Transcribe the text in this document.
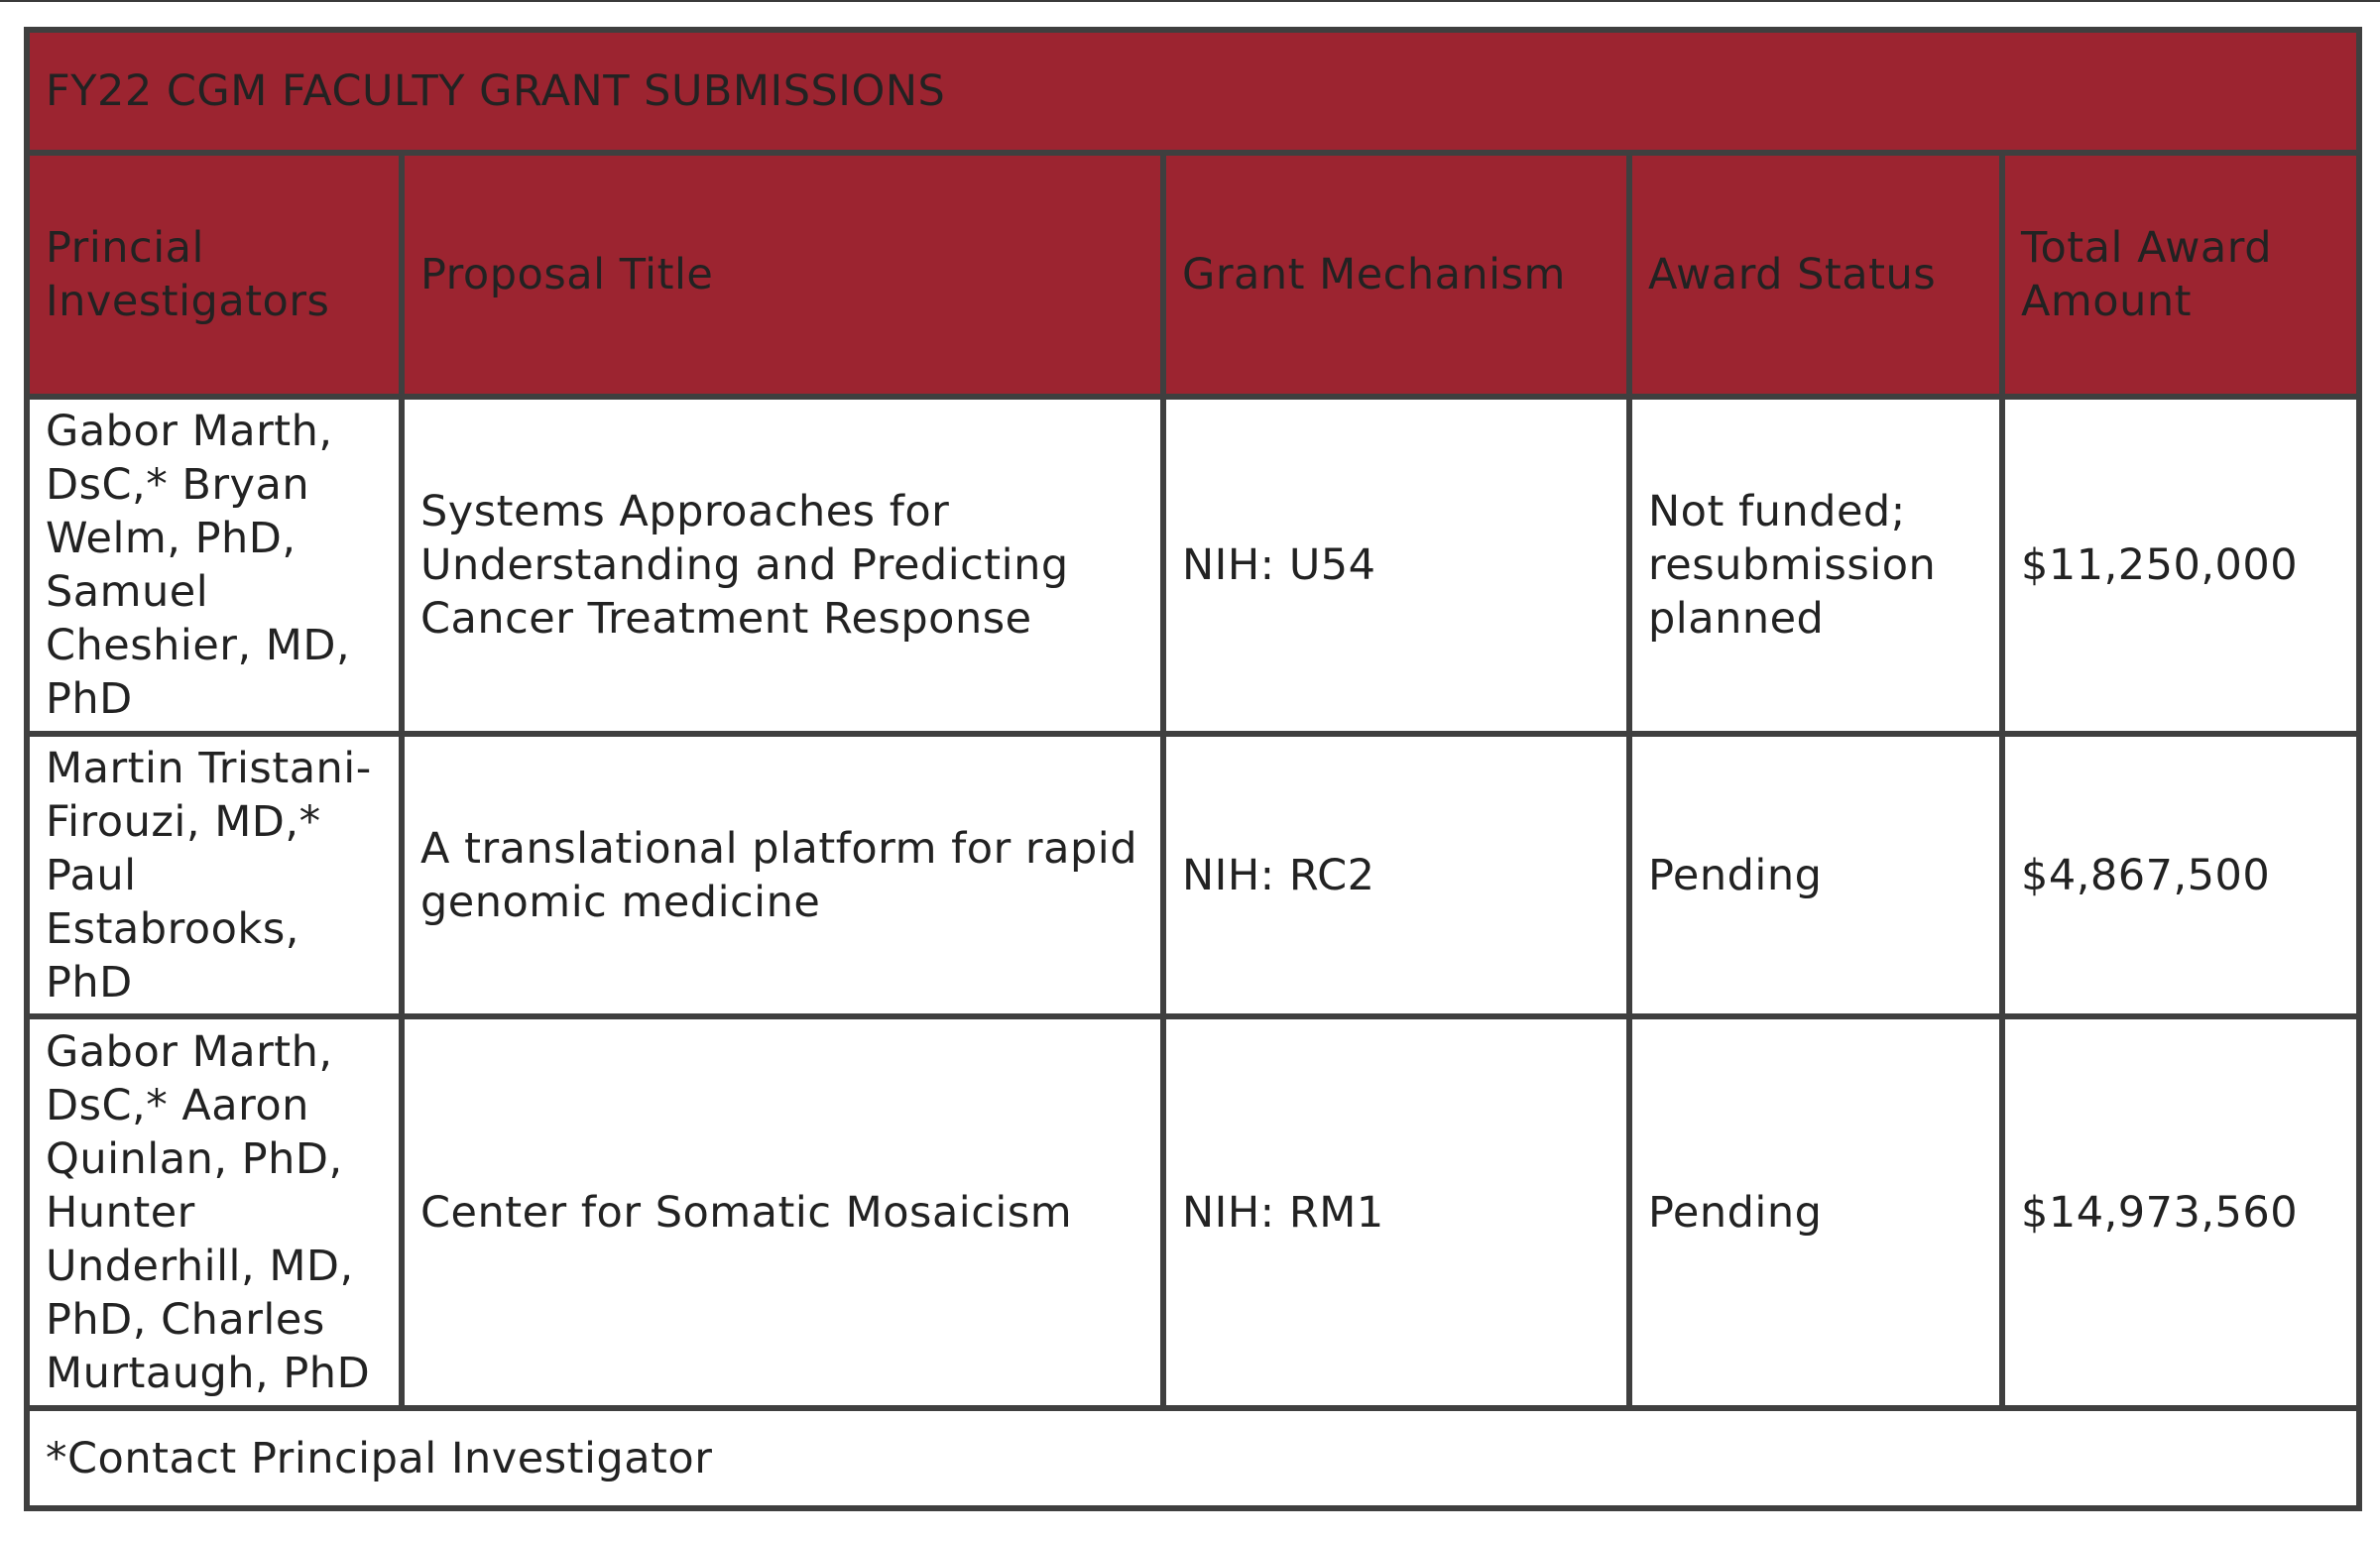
FY22 CGM FACULTY GRANT SUBMISSIONS				
Princial Investigators	Proposal Title	Grant Mechanism	Award Status	Total Award Amount
Gabor Marth, DsC,* Bryan Welm, PhD, Samuel Cheshier, MD, PhD	Systems Approaches for Understanding and Predicting Cancer Treatment Response	NIH: U54	Not funded; resubmission planned	$11,250,000
Martin Tristani-Firouzi, MD,* Paul Estabrooks, PhD	A translational platform for rapid genomic medicine	NIH: RC2	Pending	$4,867,500
Gabor Marth, DsC,* Aaron Quinlan, PhD, Hunter Underhill, MD, PhD, Charles Murtaugh, PhD	Center for Somatic Mosaicism	NIH: RM1	Pending	$14,973,560
*Contact Principal Investigator				
